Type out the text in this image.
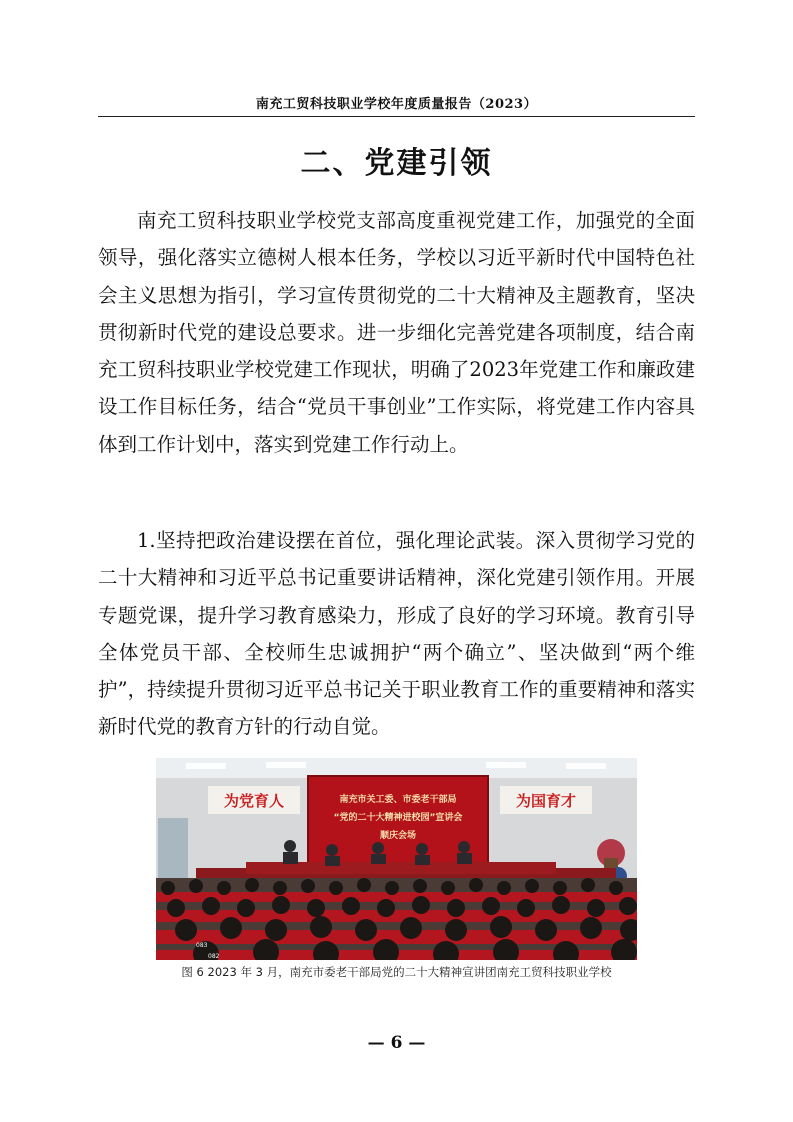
南充工贸科技职业学校年度质量报告（2023）
二、党建引领

南充工贸科技职业学校党支部高度重视党建工作，加强党的全面领导，强化落实立德树人根本任务，学校以习近平新时代中国特色社会主义思想为指引，学习宣传贯彻党的二十大精神及主题教育，坚决贯彻新时代党的建设总要求。进一步细化完善党建各项制度，结合南充工贸科技职业学校党建工作现状，明确了2023年党建工作和廉政建设工作目标任务，结合“党员干事创业”工作实际，将党建工作内容具体到工作计划中，落实到党建工作行动上。

1.坚持把政治建设摆在首位，强化理论武装。深入贯彻学习党的二十大精神和习近平总书记重要讲话精神，深化党建引领作用。开展专题党课，提升学习教育感染力，形成了良好的学习环境。教育引导全体党员干部、全校师生忠诚拥护“两个确立”、坚决做到“两个维护”，持续提升贯彻习近平总书记关于职业教育工作的重要精神和落实新时代党的教育方针的行动自觉。

为党育人	为国育才
南充市关工委、市委老干部局
“党的二十大精神进校园”宣讲会
顺庆会场
083
082
图 6 2023 年 3 月，南充市委老干部局党的二十大精神宣讲团南充工贸科技职业学校
— 6 —
